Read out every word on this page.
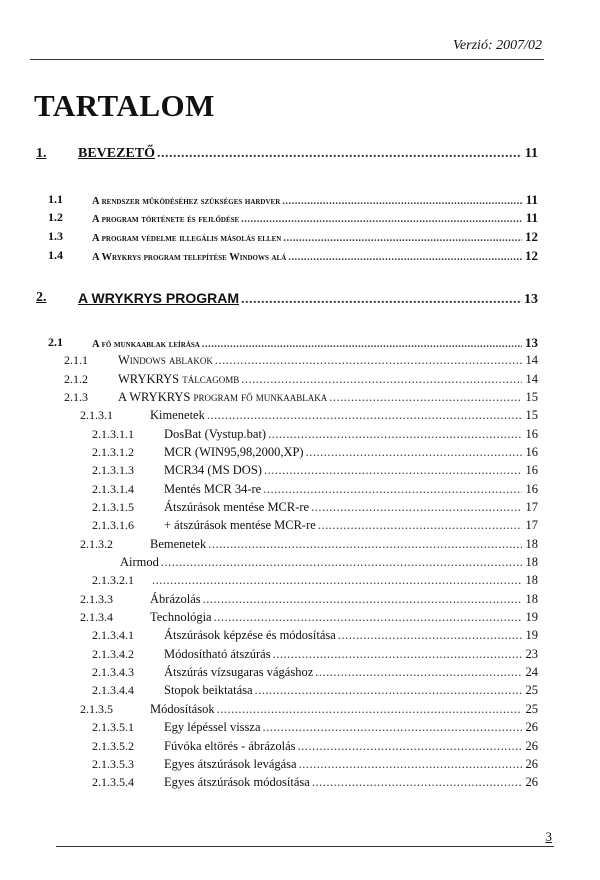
Verzió: 2007/02
TARTALOM
1. BEVEZETŐ .....	11
1.1	A rendszer működéséhez szükséges hardver .....	11
1.2	A program története és fejlődése .....	11
1.3	A program védelme illegális másolás ellen .....	12
1.4	A Wrykrys program telepítése Windows alá .....	12
2. A WRYKRYS PROGRAM .....	13
2.1	A fő munkaablak leírása .....	13
2.1.1 Windows ablakok .....	14
2.1.2 WRYKRYS tálcagomb .....	14
2.1.3 A WRYKRYS program fő munkaablaka .....	15
2.1.3.1	Kimenetek .....	15
2.1.3.1.1 DosBat (Vystup.bat) .....	16
2.1.3.1.2 MCR (WIN95,98,2000,XP) .....	16
2.1.3.1.3 MCR34 (MS DOS) .....	16
2.1.3.1.4 Mentés MCR 34-re .....	16
2.1.3.1.5 Átszúrások mentése MCR-re .....	17
2.1.3.1.6 + átszúrások mentése MCR-re .....	17
2.1.3.2	Bemenetek .....	18
Airmod .....	18
2.1.3.2.1 .....	18
2.1.3.3	Ábrázolás .....	18
2.1.3.4	Technológia .....	19
2.1.3.4.1 Átszúrások képzése és módosítása .....	19
2.1.3.4.2 Módosítható átszúrás .....	23
2.1.3.4.3 Átszúrás vízsugaras vágáshoz .....	24
2.1.3.4.4 Stopok beiktatása .....	25
2.1.3.5	Módosítások .....	25
2.1.3.5.1 Egy lépéssel vissza .....	26
2.1.3.5.2 Fúvóka eltörés - ábrázolás .....	26
2.1.3.5.3 Egyes átszúrások levágása .....	26
2.1.3.5.4 Egyes átszúrások módosítása .....	26
3
